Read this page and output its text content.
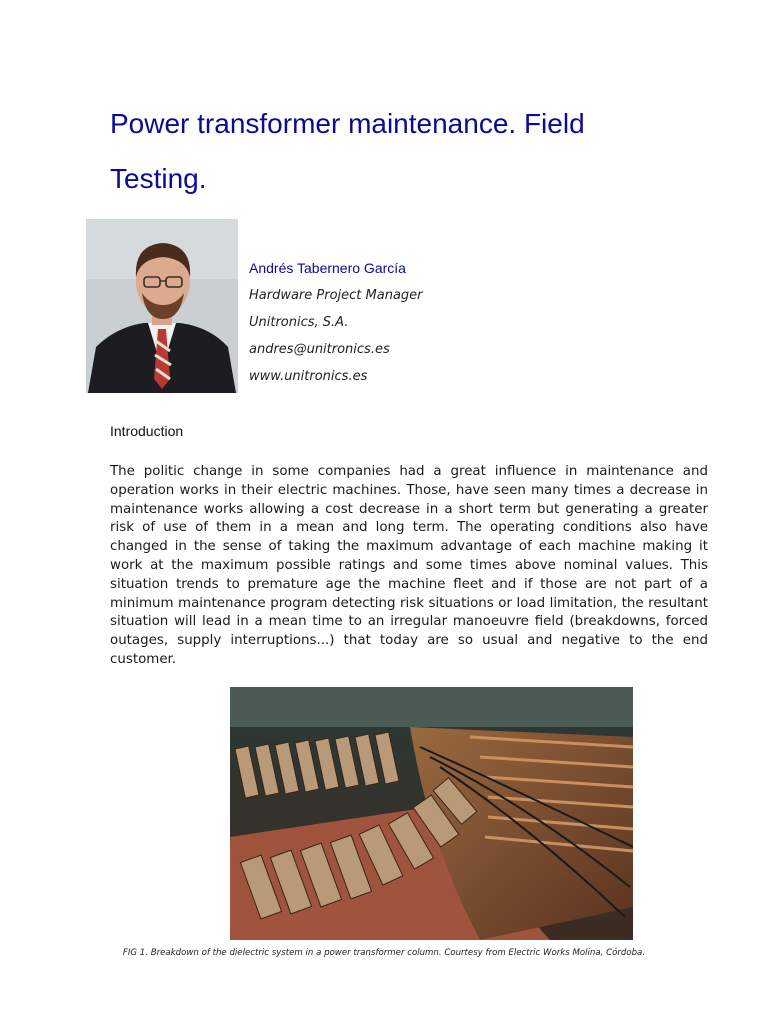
Power transformer maintenance. Field Testing.
Andrés Tabernero García
Hardware Project Manager
Unitronics, S.A.
andres@unitronics.es
www.unitronics.es
Introduction

The politic change in some companies had a great influence in maintenance and operation works in their electric machines. Those, have seen many times a decrease in maintenance works allowing a cost decrease in a short term but generating a greater risk of use of them in a mean and long term. The operating conditions also have changed in the sense of taking the maximum advantage of each machine making it work at the maximum possible ratings and some times above nominal values. This situation trends to premature age the machine fleet and if those are not part of a minimum maintenance program detecting risk situations or load limitation, the resultant situation will lead in a mean time to an irregular manoeuvre field (breakdowns, forced outages, supply interruptions...) that today are so usual and negative to the end customer.

FIG 1. Breakdown of the dielectric system in a power transformer column. Courtesy from Electric Works Molina, Córdoba.
